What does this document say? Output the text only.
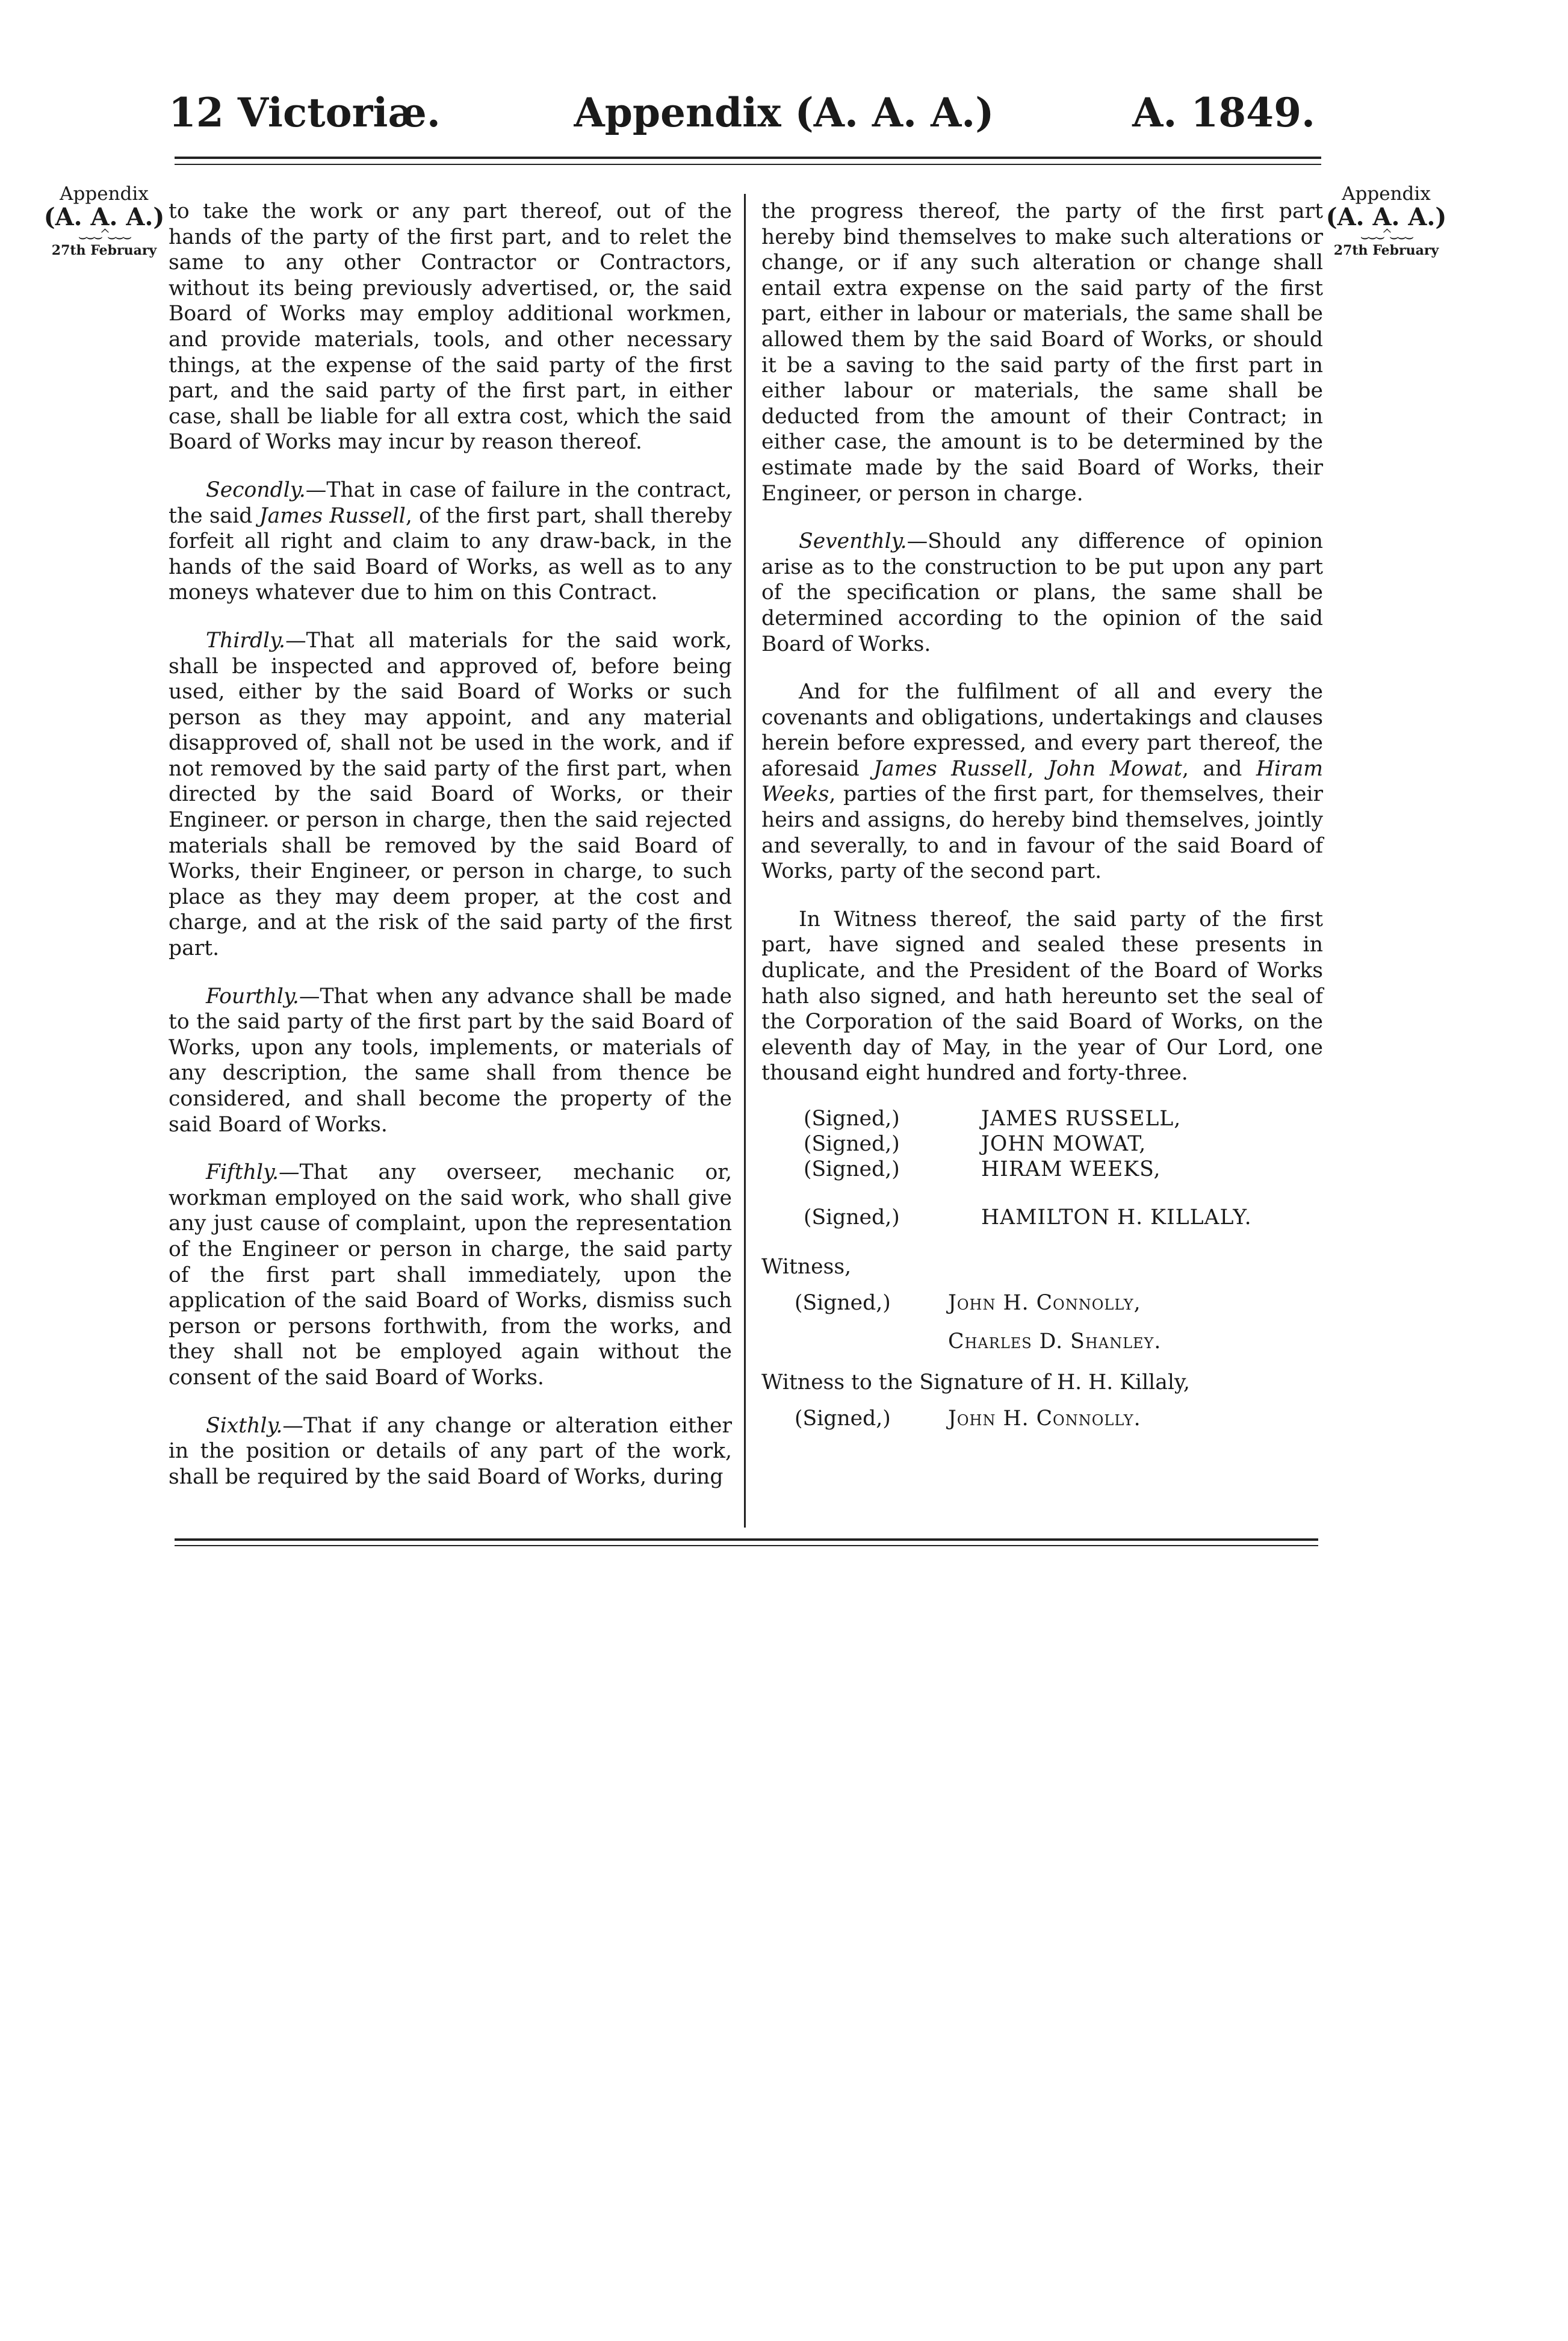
12 Victoriæ.	Appendix (A. A. A.)	A. 1849.
Appendix
(A. A. A.)
⌣⌣⌣⌃⌣⌣⌣
27th February
Appendix
(A. A. A.)
⌣⌣⌣⌃⌣⌣⌣
27th February

to take the work or any part thereof, out of the hands of the party of the first part, and to relet the same to any other Contractor or Contractors, without its being previously advertised, or, the said Board of Works may employ additional workmen, and provide materials, tools, and other necessary things, at the expense of the said party of the first part, and the said party of the first part, in either case, shall be liable for all extra cost, which the said Board of Works may incur by reason thereof.

Secondly.—That in case of failure in the contract, the said James Russell, of the first part, shall thereby forfeit all right and claim to any draw-back, in the hands of the said Board of Works, as well as to any moneys whatever due to him on this Contract.

Thirdly.—That all materials for the said work, shall be inspected and approved of, before being used, either by the said Board of Works or such person as they may appoint, and any material disapproved of, shall not be used in the work, and if not removed by the said party of the first part, when directed by the said Board of Works, or their Engineer. or person in charge, then the said rejected materials shall be removed by the said Board of Works, their Engineer, or person in charge, to such place as they may deem proper, at the cost and charge, and at the risk of the said party of the first part.

Fourthly.—That when any advance shall be made to the said party of the first part by the said Board of Works, upon any tools, implements, or materials of any description, the same shall from thence be considered, and shall become the property of the said Board of Works.

Fifthly.—That any overseer, mechanic or, workman employed on the said work, who shall give any just cause of complaint, upon the representation of the Engineer or person in charge, the said party of the first part shall immediately, upon the application of the said Board of Works, dismiss such person or persons forthwith, from the works, and they shall not be employed again without the consent of the said Board of Works.

Sixthly.—That if any change or alteration either in the position or details of any part of the work, shall be required by the said Board of Works, during

the progress thereof, the party of the first part hereby bind themselves to make such alterations or change, or if any such alteration or change shall entail extra expense on the said party of the first part, either in labour or materials, the same shall be allowed them by the said Board of Works, or should it be a saving to the said party of the first part in either labour or materials, the same shall be deducted from the amount of their Contract; in either case, the amount is to be determined by the estimate made by the said Board of Works, their Engineer, or person in charge.

Seventhly.—Should any difference of opinion arise as to the construction to be put upon any part of the specification or plans, the same shall be determined according to the opinion of the said Board of Works.

And for the fulfilment of all and every the covenants and obligations, undertakings and clauses herein before expressed, and every part thereof, the aforesaid James Russell, John Mowat, and Hiram Weeks, parties of the first part, for themselves, their heirs and assigns, do hereby bind themselves, jointly and severally, to and in favour of the said Board of Works, party of the second part.

In Witness thereof, the said party of the first part, have signed and sealed these presents in duplicate, and the President of the Board of Works hath also signed, and hath hereunto set the seal of the Corporation of the said Board of Works, on the eleventh day of May, in the year of Our Lord, one thousand eight hundred and forty-three.

(Signed,)	JAMES RUSSELL,
(Signed,)	JOHN MOWAT,
(Signed,)	HIRAM WEEKS,
(Signed,)	HAMILTON H. KILLALY.
Witness,
(Signed,)	John H. Connolly,
Charles D. Shanley.
Witness to the Signature of H. H. Killaly,
(Signed,)	John H. Connolly.
